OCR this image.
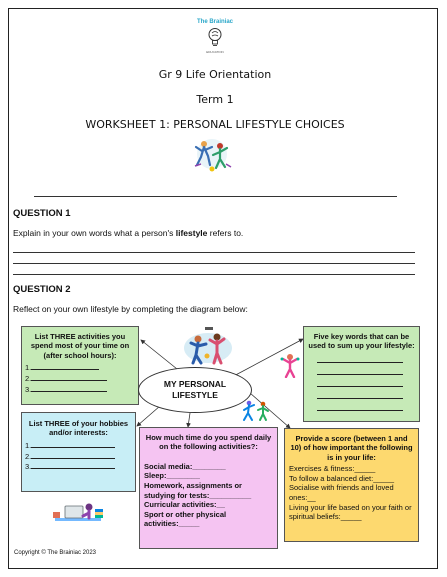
The Brainiac
EDUCATION
Gr 9 Life Orientation
Term 1
WORKSHEET 1: PERSONAL LIFESTYLE CHOICES
QUESTION 1
Explain in your own words what a person's lifestyle refers to.
QUESTION 2
Reflect on your own lifestyle by completing the diagram below:
List THREE activities you spend most of your time on (after school hours):
1.
2.
3.
Five key words that can be used to sum up your lifestyle:
List THREE of your hobbies and/or interests:
1.
2.
3.
MY PERSONAL LIFESTYLE
How much time do you spend daily on the following activities?:
Social media:________
Sleep:________
Homework, assignments or studying for tests:__________
Curricular activities:__
Sport or other physical activities:_____
Provide a score (between 1 and 10) of how important the following is in your life:
Exercises & fitness:_____
To follow a balanced diet:_____
Socialise with friends and loved ones:__
Living your life based on your faith or spiritual beliefs:_____
Copyright © The Brainiac 2023
